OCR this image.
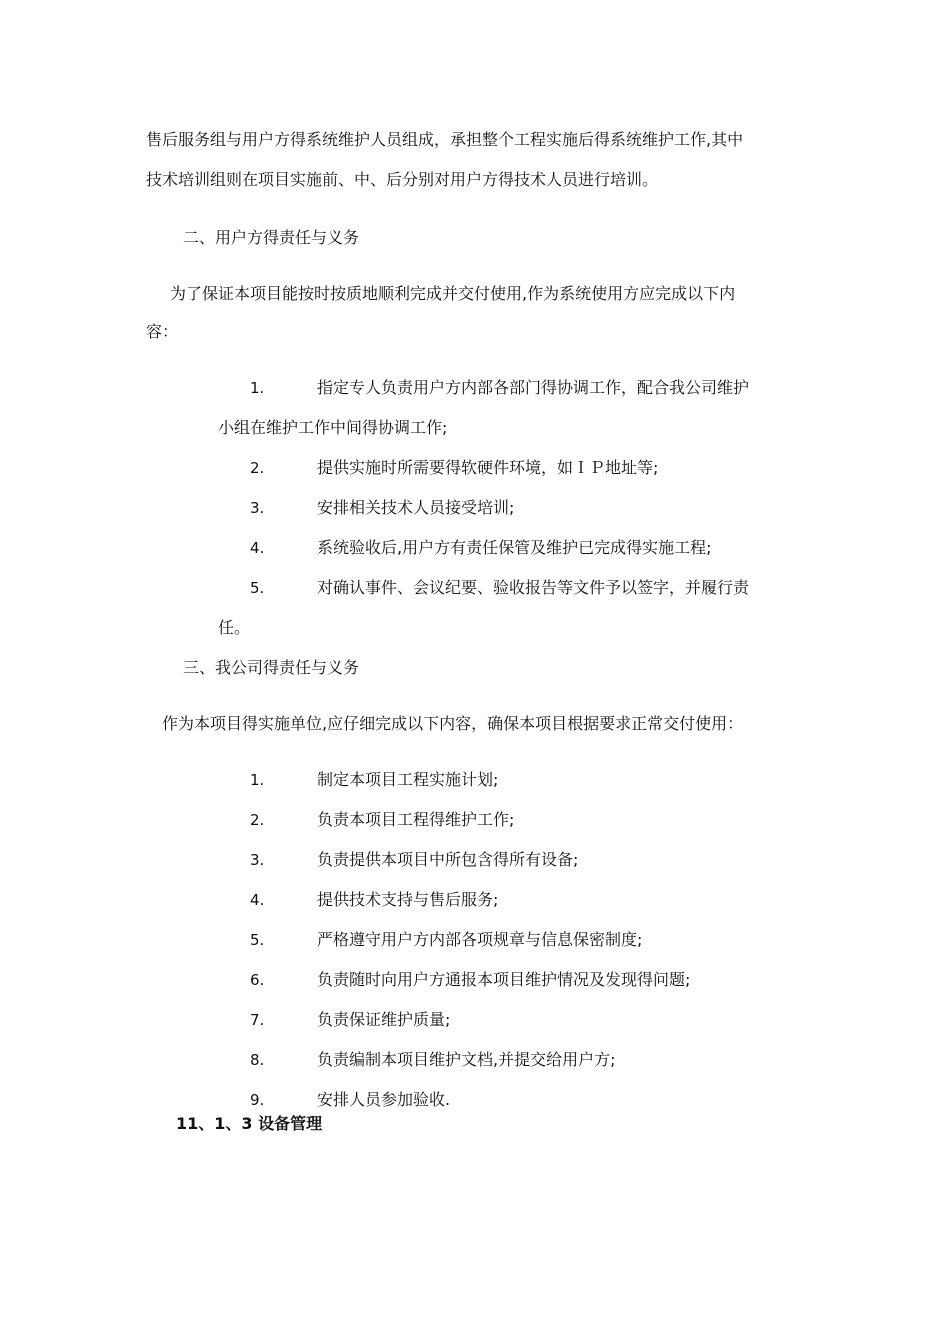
售后服务组与用户方得系统维护人员组成，承担整个工程实施后得系统维护工作,其中
技术培训组则在项目实施前、中、后分别对用户方得技术人员进行培训。

二、用户方得责任与义务

为了保证本项目能按时按质地顺利完成并交付使用,作为系统使用方应完成以下内

容：

1.	指定专人负责用户方内部各部门得协调工作，配合我公司维护
小组在维护工作中间得协调工作;
2.	提供实施时所需要得软硬件环境，如ＩＰ地址等;
3.	安排相关技术人员接受培训;
4.	系统验收后,用户方有责任保管及维护已完成得实施工程;
5.	对确认事件、会议纪要、验收报告等文件予以签字，并履行责
任。
三、我公司得责任与义务

作为本项目得实施单位,应仔细完成以下内容，确保本项目根据要求正常交付使用：

1.	制定本项目工程实施计划;
2.	负责本项目工程得维护工作;
3.	负责提供本项目中所包含得所有设备;
4.	提供技术支持与售后服务;
5.	严格遵守用户方内部各项规章与信息保密制度;
6.	负责随时向用户方通报本项目维护情况及发现得问题;
7.	负责保证维护质量;
8.	负责编制本项目维护文档,并提交给用户方;
9.	安排人员参加验收.
11、1、3 设备管理
